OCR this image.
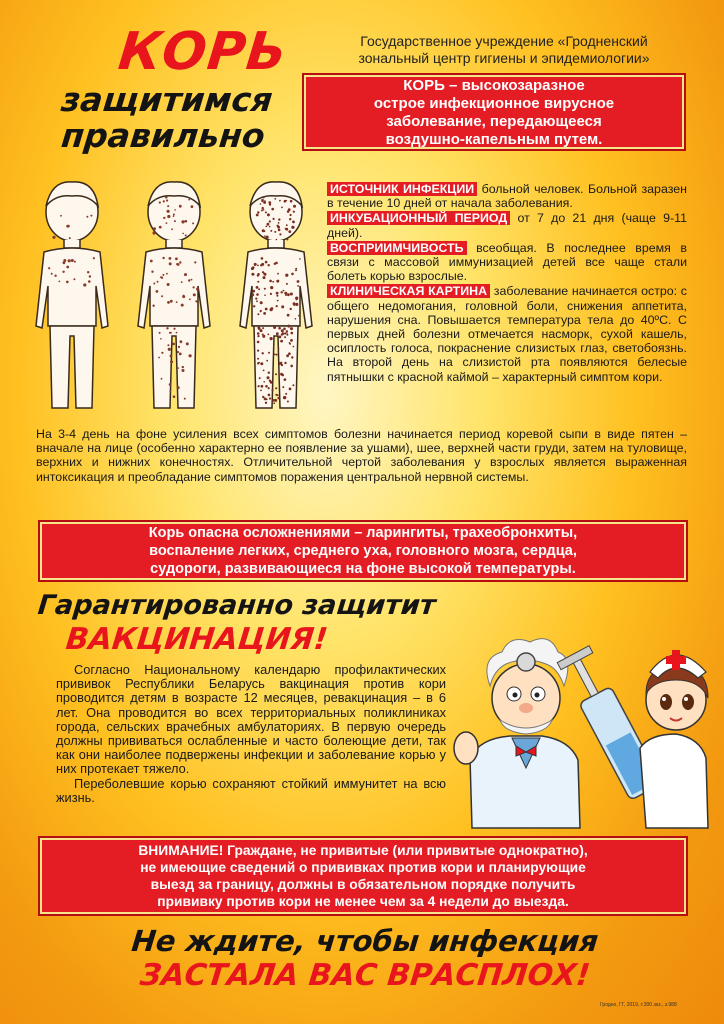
КОРЬ
защитимся
правильно
Государственное учреждение «Гродненский
зональный центр гигиены и эпидемиологии»
КОРЬ – высокозаразное
острое инфекционное вирусное
заболевание, передающееся
воздушно-капельным путем.

ИСТОЧНИК ИНФЕКЦИИ больной человек. Больной заразен в течение 10 дней от начала заболевания.

ИНКУБАЦИОННЫЙ ПЕРИОД от 7 до 21 дня (чаще 9-11 дней).

ВОСПРИИМЧИВОСТЬ всеобщая. В последнее время в связи с массовой иммунизацией детей все чаще стали болеть корью взрослые.

КЛИНИЧЕСКАЯ КАРТИНА заболевание начинается остро: с общего недомогания, головной боли, снижения аппетита, нарушения сна. Повышается температура тела до 40ºС. С первых дней болезни отмечается насморк, сухой кашель, осиплость голоса, покраснение слизистых глаз, светобоязнь. На второй день на слизистой рта появляются белесые пятнышки с красной каймой – характерный симптом кори.

На 3-4 день на фоне усиления всех симптомов болезни начинается период коревой сыпи в виде пятен – вначале на лице (особенно характерно ее появление за ушами), шее, верхней части груди, затем на туловище, верхних и нижних конечностях. Отличительной чертой заболевания у взрослых является выраженная интоксикация и преобладание симптомов поражения центральной нервной системы.
Корь опасна осложнениями – ларингиты, трахеобронхиты,
воспаление легких, среднего уха, головного мозга, сердца,
судороги, развивающиеся на фоне высокой температуры.
Гарантированно защитит
ВАКЦИНАЦИЯ!

Согласно Национальному календарю профилактических прививок Республики Беларусь вакцинация против кори проводится детям в возрасте 12 месяцев, ревакцинация – в 6 лет. Она проводится во всех территориальных поликлиниках города, сельских врачебных амбулаториях. В первую очередь должны прививаться ослабленные и часто болеющие дети, так как они наиболее подвержены инфекции и заболевание корью у них протекает тяжело.

Переболевшие корью сохраняют стойкий иммунитет на всю жизнь.

ВНИМАНИЕ! Граждане, не привитые (или привитые однократно),
не имеющие сведений о прививках против кори и планирующие
выезд за границу, должны в обязательном порядке получить
прививку против кори не менее чем за 4 недели до выезда.
Не ждите, чтобы инфекция
ЗАСТАЛА ВАС ВРАСПЛОХ!
Гродно, ГГ, 2019, т.300 экз., з.988
